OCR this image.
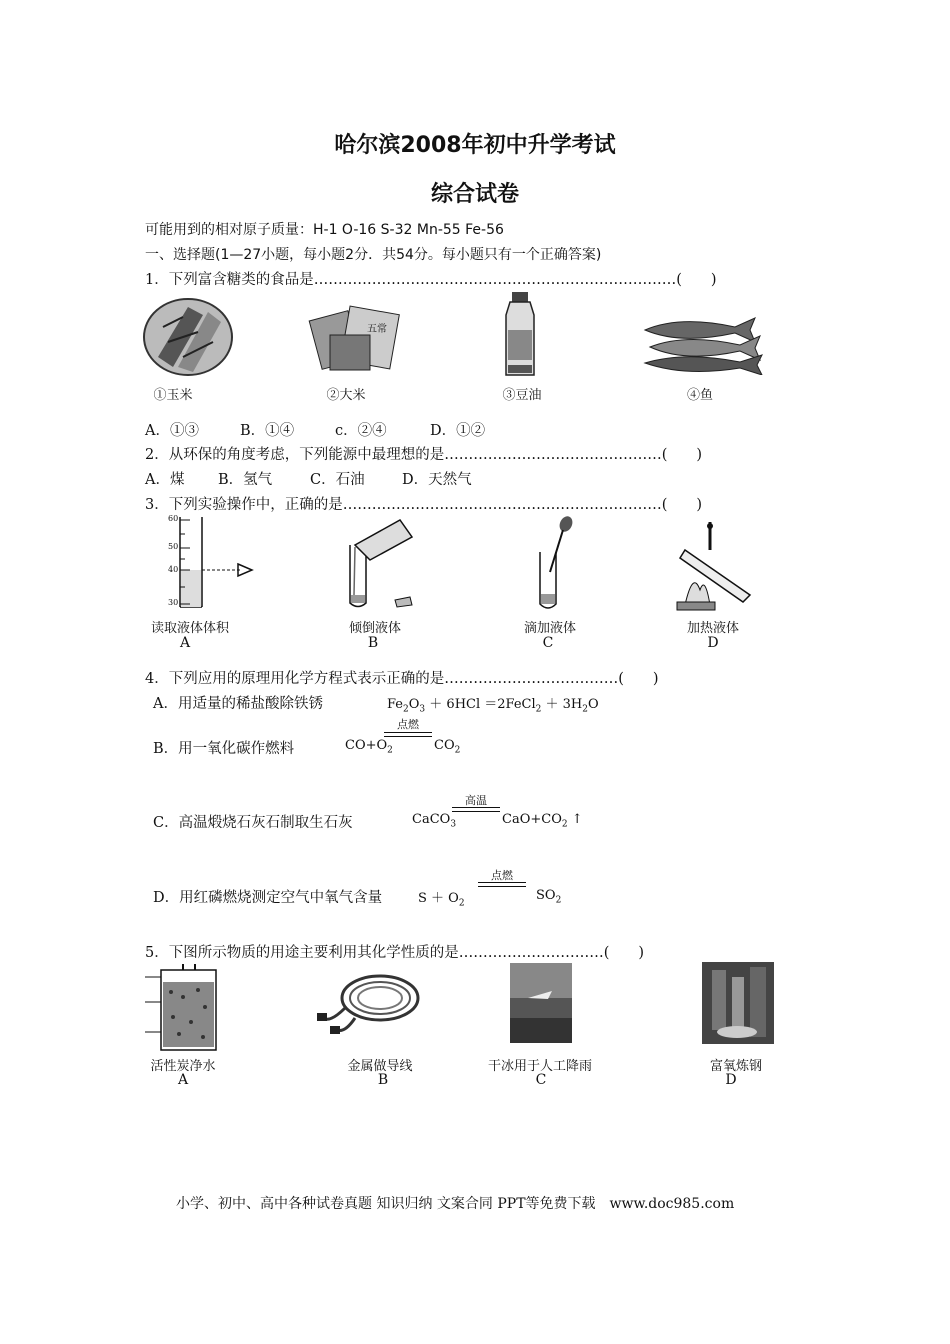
哈尔滨2008年初中升学考试
综合试卷
可能用到的相对原子质量：H-1 O-16 S-32 Mn-55 Fe-56
一、选择题(1—27小题，每小题2分．共54分。每小题只有一个正确答案)
1．下列富含糖类的食品是…………………………………………………………………(　　)
五常
①玉米	②大米	③豆油	④鱼
A．①③	B．①④	c．②④	D．①②
2．从环保的角度考虑，下列能源中最理想的是………………………………………(　　)
A．煤 B．氢气	C．石油	D．天然气
3．下列实验操作中，正确的是…………………………………………………………(　　)
60
50
40
30
读取液体体积	倾倒液体	滴加液体	加热液体
A	B	C	D
4．下列应用的原理用化学方程式表示正确的是………………………………(　　)
A．用适量的稀盐酸除铁锈	$Fe_2O_3 + 6HCl$ ＝2FeCl$_2$ ＋ $3H_2O$
B．用一氧化碳作燃料	$CO+O_2$
点燃
$CO_2$
C．高温煅烧石灰石制取生石灰	CaCO$_3$
高温
$CaO+CO_2$ ↑
D．用红磷燃烧测定空气中氧气含量	$S + O_2$
点燃
$SO_2$
5．下图所示物质的用途主要利用其化学性质的是…………………………(　　)
活性炭净水	金属做导线	干冰用于人工降雨	富氧炼钢
A	B	C	D
小学、初中、高中各种试卷真题 知识归纳 文案合同 PPT等免费下载　www.doc985.com
